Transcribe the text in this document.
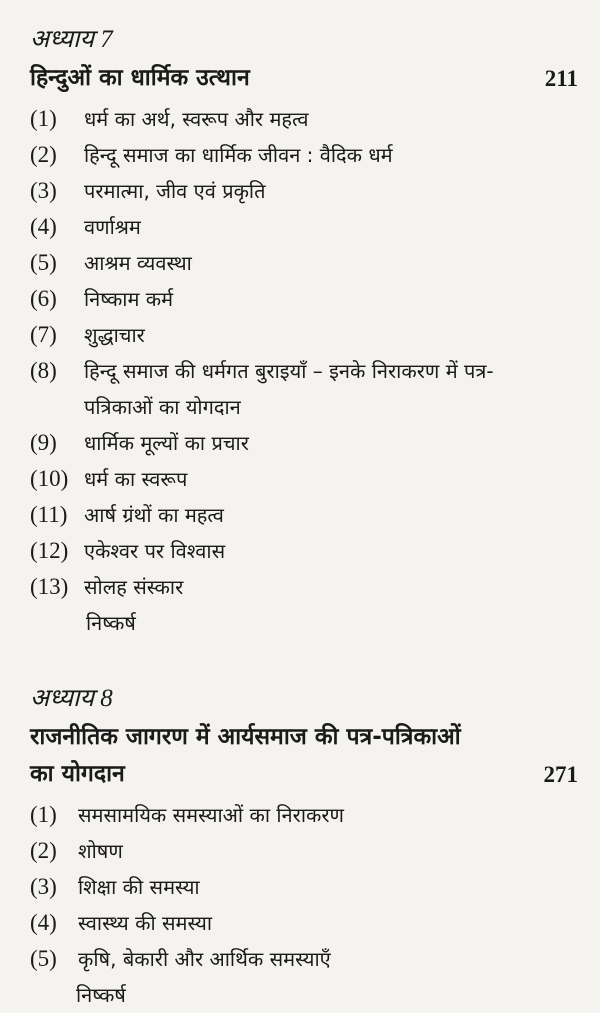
अध्याय 7
हिन्दुओं का धार्मिक उत्थान	211
(1)	धर्म का अर्थ, स्वरूप और महत्व
(2)	हिन्दू समाज का धार्मिक जीवन : वैदिक धर्म
(3)	परमात्मा, जीव एवं प्रकृति
(4)	वर्णाश्रम
(5)	आश्रम व्यवस्था
(6)	निष्काम कर्म
(7)	शुद्धाचार
(8)	हिन्दू समाज की धर्मगत बुराइयाँ – इनके निराकरण में पत्र-
पत्रिकाओं का योगदान
(9)	धार्मिक मूल्यों का प्रचार
(10) धर्म का स्वरूप
(11) आर्ष ग्रंथों का महत्व
(12) एकेश्वर पर विश्वास
(13) सोलह संस्कार
निष्कर्ष
अध्याय 8
राजनीतिक जागरण में आर्यसमाज की पत्र-पत्रिकाओं
का योगदान	271
(1)	समसामयिक समस्याओं का निराकरण
(2)	शोषण
(3)	शिक्षा की समस्या
(4)	स्वास्थ्य की समस्या
(5)	कृषि, बेकारी और आर्थिक समस्याएँ
निष्कर्ष
